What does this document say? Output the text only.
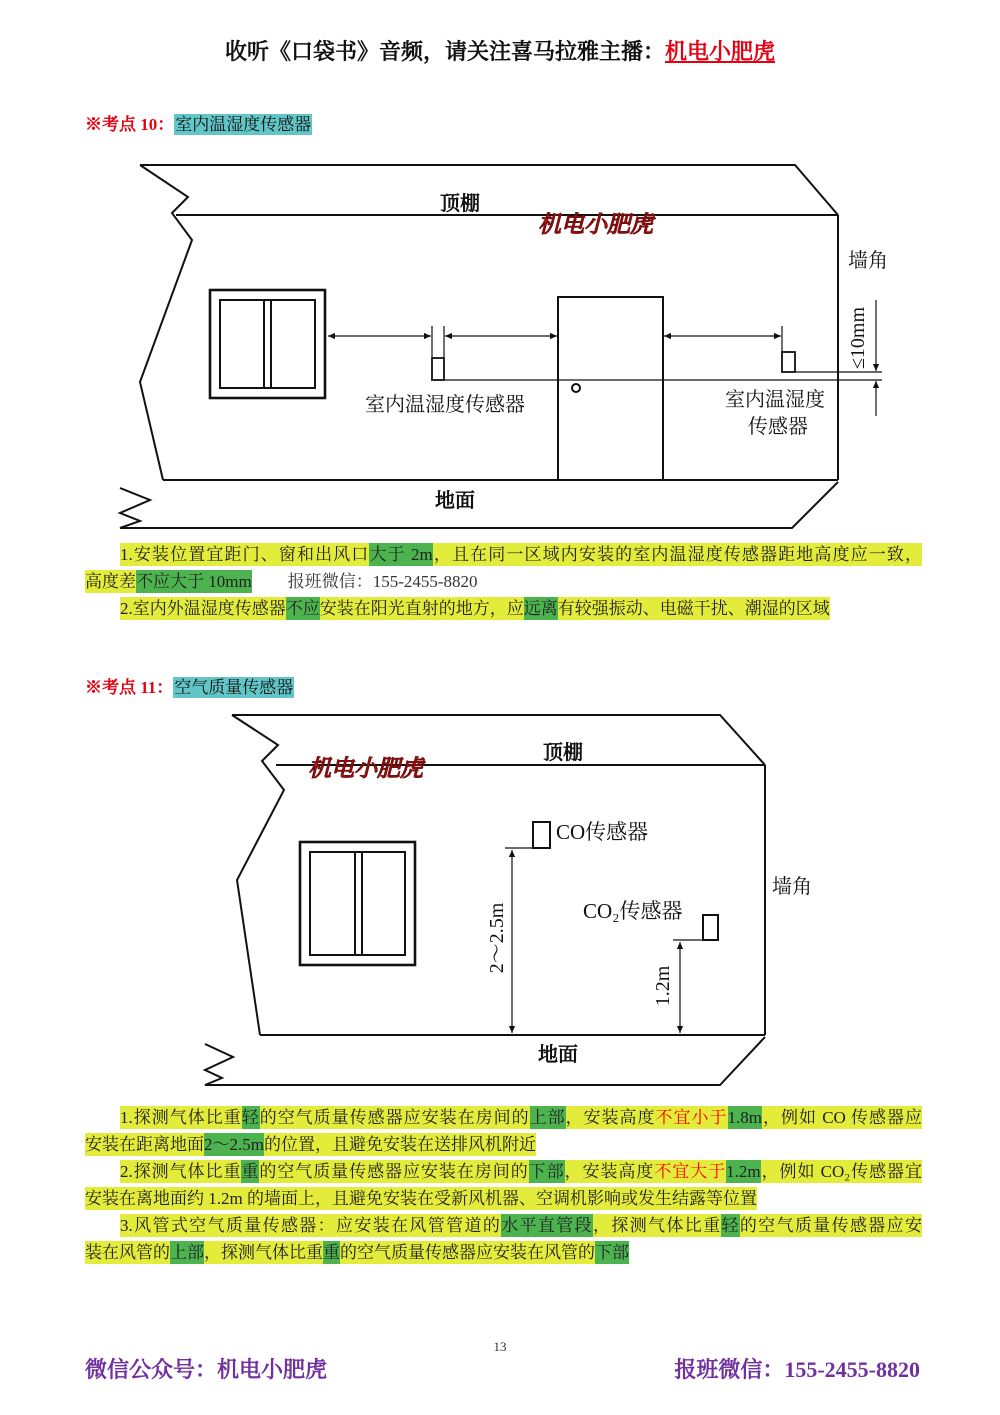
收听《口袋书》音频，请关注喜马拉雅主播：机电小肥虎
※考点 10：室内温湿度传感器
顶棚
机电小肥虎
墙角
≤10mm
室内温湿度传感器	室内温湿度
传感器
地面
1.安装位置宜距门、窗和出风口大于 2m，且在同一区域内安装的室内温湿度传感器距地高度应一致，
高度差不应大于 10mm 报班微信：155-2455-8820
2.室内外温湿度传感器不应安装在阳光直射的地方，应远离有较强振动、电磁干扰、潮湿的区域
※考点 11：空气质量传感器
顶棚
机电小肥虎
CO传感器
墙角
CO₂传感器
2～2.5m
1.2m
地面
1.探测气体比重轻的空气质量传感器应安装在房间的上部，安装高度不宜小于1.8m，例如 CO 传感器应
安装在距离地面2～2.5m的位置，且避免安装在送排风机附近
2.探测气体比重重的空气质量传感器应安装在房间的下部，安装高度不宜大于1.2m，例如 CO₂传感器宜
安装在离地面约 1.2m 的墙面上，且避免安装在受新风机器、空调机影响或发生结露等位置
3.风管式空气质量传感器：应安装在风管管道的水平直管段，探测气体比重轻的空气质量传感器应安
装在风管的上部，探测气体比重重的空气质量传感器应安装在风管的下部
13
微信公众号：机电小肥虎	报班微信：155-2455-8820
